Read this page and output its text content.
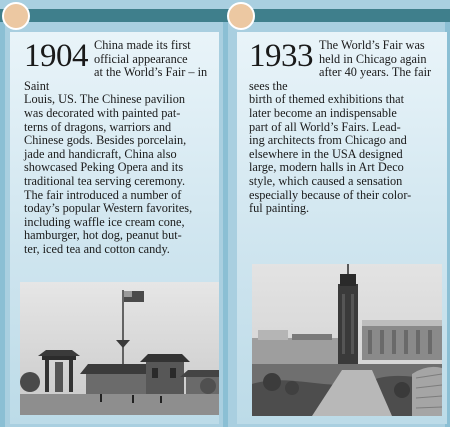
1904 China made its first
official appearance
at the World’s Fair – in Saint
Louis, US. The Chinese pavilion
was decorated with painted pat-
terns of dragons, warriors and
Chinese gods. Besides porcelain,
jade and handicraft, China also
showcased Peking Opera and its
traditional tea serving ceremony.
The fair introduced a number of
today’s popular Western favorites,
including waffle ice cream cone,
hamburger, hot dog, peanut but-
ter, iced tea and cotton candy.
1933 The World’s Fair was
held in Chicago again
after 40 years. The fair sees the
birth of themed exhibitions that
later become an indispensable
part of all World’s Fairs. Lead-
ing architects from Chicago and
elsewhere in the USA designed
large, modern halls in Art Deco
style, which caused a sensation
especially because of their color-
ful painting.
